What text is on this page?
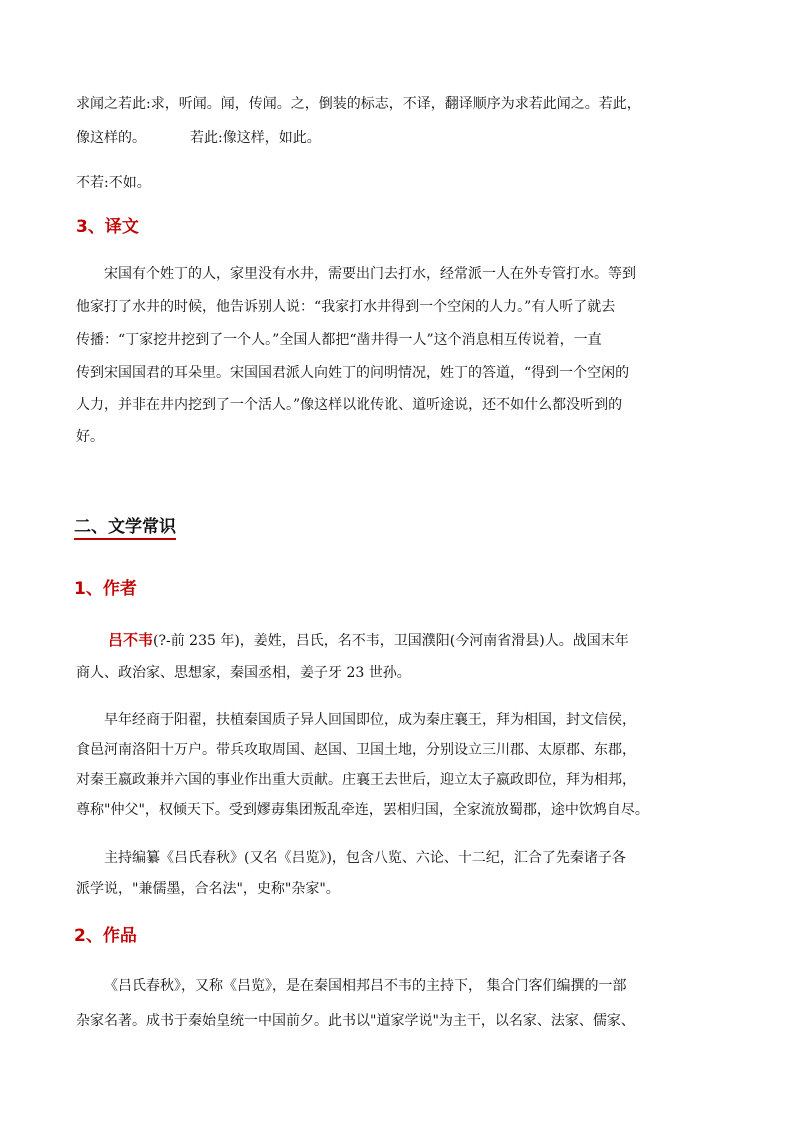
求闻之若此:求，听闻。闻，传闻。之，倒装的标志，不译，翻译顺序为求若此闻之。若此，
像这样的。	若此:像这样，如此。
不若:不如。
3、译文
宋国有个姓丁的人，家里没有水井，需要出门去打水，经常派一人在外专管打水。等到
他家打了水井的时候，他告诉别人说：“我家打水井得到一个空闲的人力。”有人听了就去
传播：“丁家挖井挖到了一个人。”全国人都把“凿井得一人”这个消息相互传说着，一直
传到宋国国君的耳朵里。宋国国君派人向姓丁的问明情况，姓丁的答道，“得到一个空闲的
人力，并非在井内挖到了一个活人。”像这样以讹传讹、道听途说，还不如什么都没听到的
好。
二、文学常识
1、作者
吕不韦(?-前 235 年)，姜姓，吕氏，名不韦，卫国濮阳(今河南省滑县)人。战国末年
商人、政治家、思想家，秦国丞相，姜子牙 23 世孙。
早年经商于阳翟，扶植秦国质子异人回国即位，成为秦庄襄王，拜为相国，封文信侯，
食邑河南洛阳十万户。带兵攻取周国、赵国、卫国土地，分别设立三川郡、太原郡、东郡，
对秦王嬴政兼并六国的事业作出重大贡献。庄襄王去世后，迎立太子嬴政即位，拜为相邦，
尊称"仲父"，权倾天下。受到嫪毐集团叛乱牵连，罢相归国，全家流放蜀郡，途中饮鸩自尽。
主持编纂《吕氏春秋》(又名《吕览》)，包含八览、六论、十二纪，汇合了先秦诸子各
派学说，"兼儒墨，合名法"，史称"杂家"。
2、作品
《吕氏春秋》，又称《吕览》，是在秦国相邦吕不韦的主持下， 集合门客们编撰的一部
杂家名著。成书于秦始皇统一中国前夕。此书以"道家学说"为主干，以名家、法家、儒家、
